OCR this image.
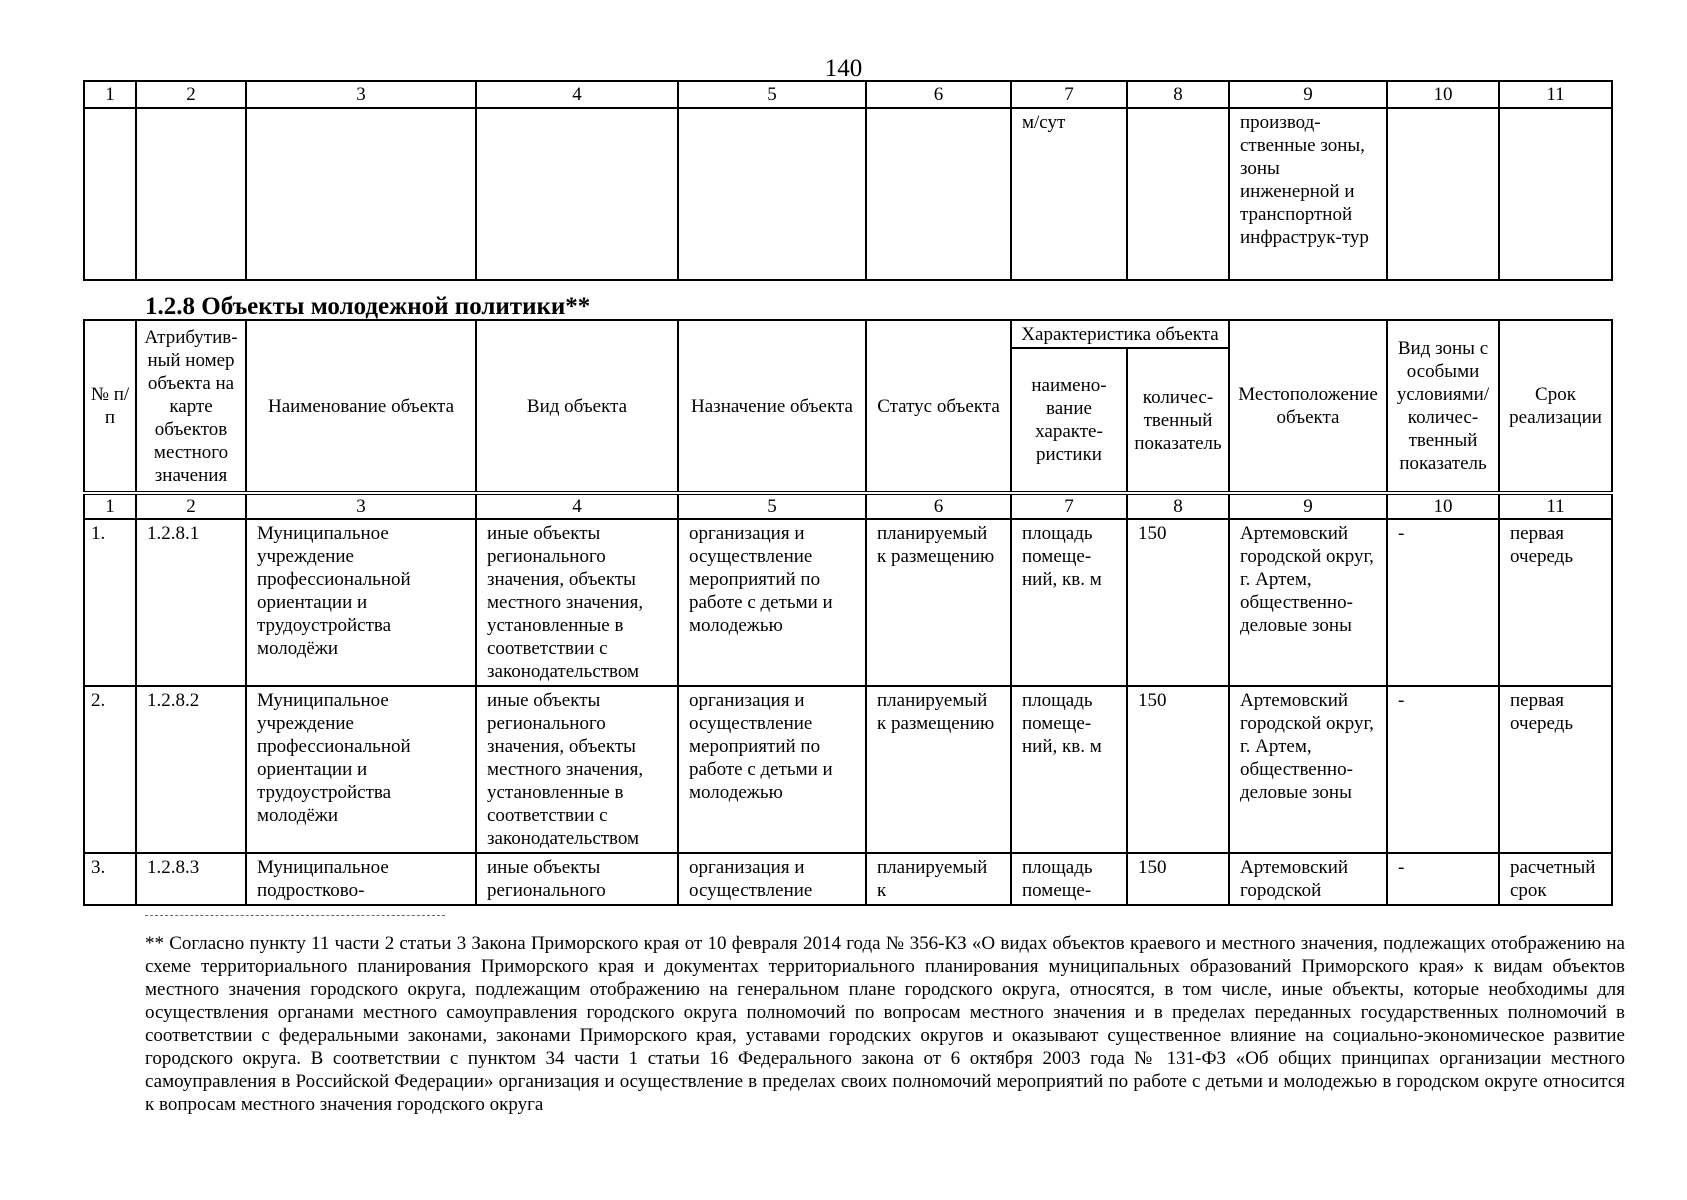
140
1	2	3	4	5	6	7	8	9	10	11
						м/сут		производ-ственные зоны, зоны инженерной и транспортной инфраструк-тур		
1.2.8 Объекты молодежной политики**
№ п/п	Атрибутив-ный номер объекта на карте объектов местного значения	Наименование объекта	Вид объекта	Назначение объекта	Статус объекта	Характеристика объекта		Местоположение объекта	Вид зоны с особыми условиями/ количес-твенный показатель	Срок реализации
						наимено-вание характе-ристики	количес-твенный показатель			
1	2	3	4	5	6	7	8	9	10	11
1.	1.2.8.1	Муниципальное учреждение профессиональной ориентации и трудоустройства молодёжи	иные объекты регионального значения, объекты местного значения, установленные в соответствии с законодательством	организация и осуществление мероприятий по работе с детьми и молодежью	планируемый к размещению	площадь помеще-ний, кв. м	150	Артемовский городской округ, г. Артем, общественно-деловые зоны	-	первая очередь
2.	1.2.8.2	Муниципальное учреждение профессиональной ориентации и трудоустройства молодёжи	иные объекты регионального значения, объекты местного значения, установленные в соответствии с законодательством	организация и осуществление мероприятий по работе с детьми и молодежью	планируемый к размещению	площадь помеще-ний, кв. м	150	Артемовский городской округ, г. Артем, общественно-деловые зоны	-	первая очередь
3.	1.2.8.3	Муниципальное подростково-	иные объекты регионального	организация и осуществление	планируемый к	площадь помеще-	150	Артемовский городской	-	расчетный срок
** Согласно пункту 11 части 2 статьи 3 Закона Приморского края от 10 февраля 2014 года № 356-КЗ «О видах объектов краевого и местного значения, подлежащих отображению на схеме территориального планирования Приморского края и документах территориального планирования муниципальных образований Приморского края» к видам объектов местного значения городского округа, подлежащим отображению на генеральном плане городского округа, относятся, в том числе, иные объекты, которые необходимы для осуществления органами местного самоуправления городского округа полномочий по вопросам местного значения и в пределах переданных государственных полномочий в соответствии с федеральными законами, законами Приморского края, уставами городских округов и оказывают существенное влияние на социально-экономическое развитие городского округа. В соответствии с пунктом 34 части 1 статьи 16 Федерального закона от 6 октября 2003 года № 131-ФЗ «Об общих принципах организации местного самоуправления в Российской Федерации» организация и осуществление в пределах своих полномочий мероприятий по работе с детьми и молодежью в городском округе относится к вопросам местного значения городского округа
